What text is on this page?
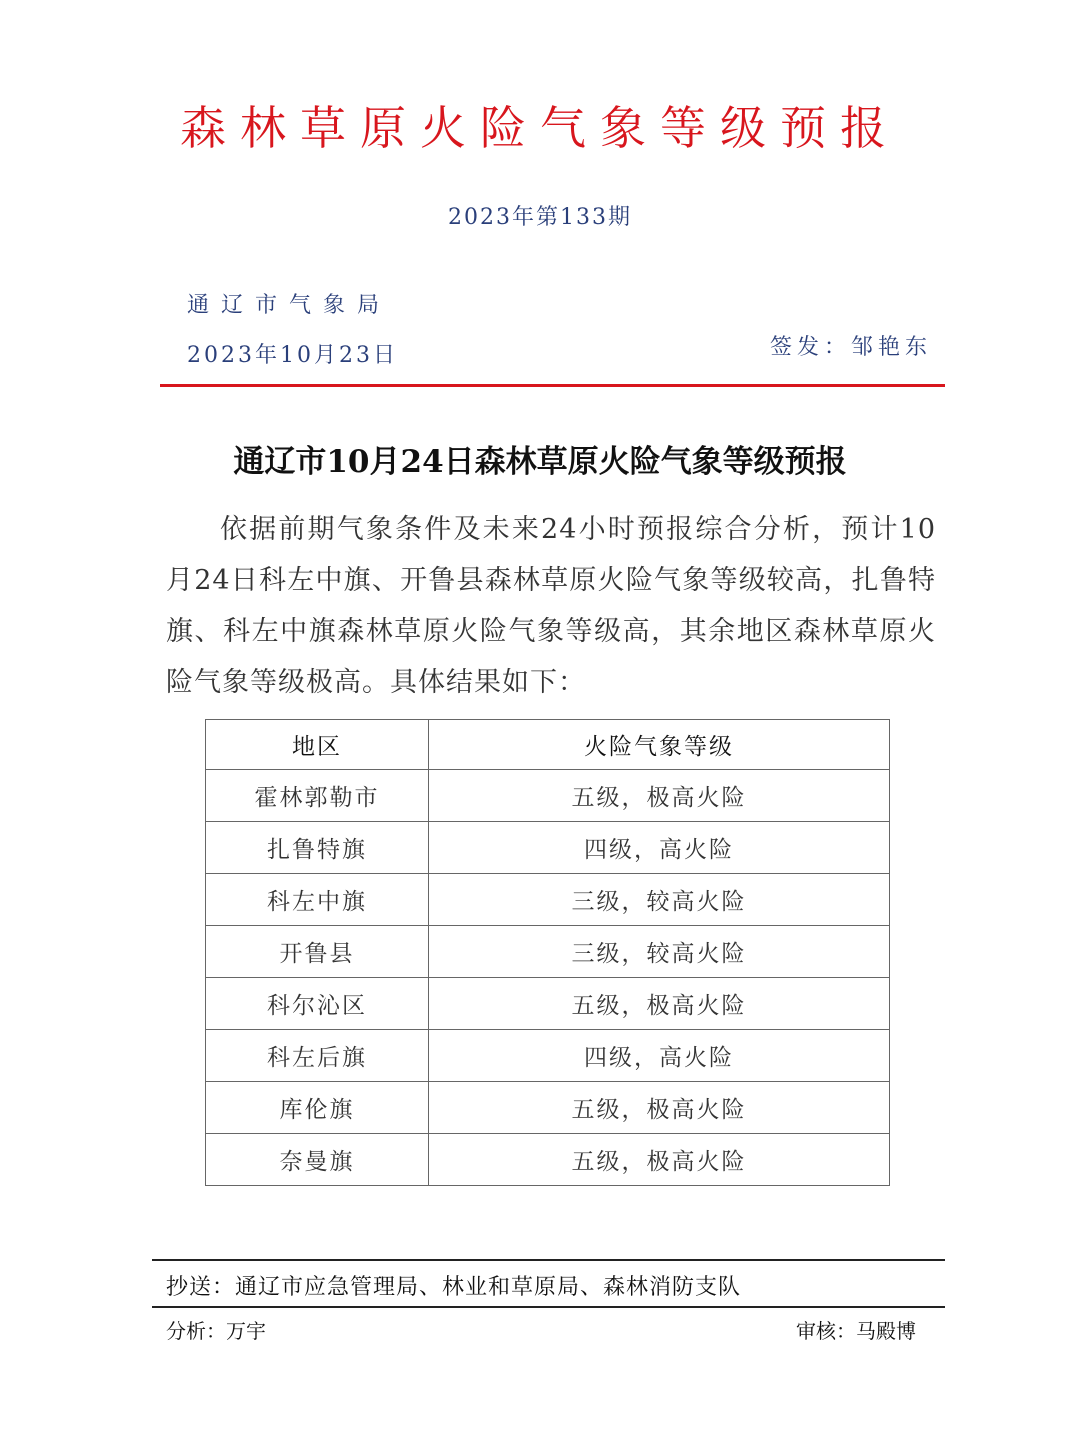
森林草原火险气象等级预报
2023年第133期
通辽市气象局
2023年10月23日	签发：邹艳东
通辽市10月24日森林草原火险气象等级预报
依据前期气象条件及未来24小时预报综合分析，预计10月24日科左中旗、开鲁县森林草原火险气象等级较高，扎鲁特旗、科左中旗森林草原火险气象等级高，其余地区森林草原火险气象等级极高。具体结果如下：
地区	火险气象等级
霍林郭勒市	五级，极高火险
扎鲁特旗	四级，高火险
科左中旗	三级，较高火险
开鲁县	三级，较高火险
科尔沁区	五级，极高火险
科左后旗	四级，高火险
库伦旗	五级，极高火险
奈曼旗	五级，极高火险
抄送：通辽市应急管理局、林业和草原局、森林消防支队
分析：万宇	审核：马殿博
